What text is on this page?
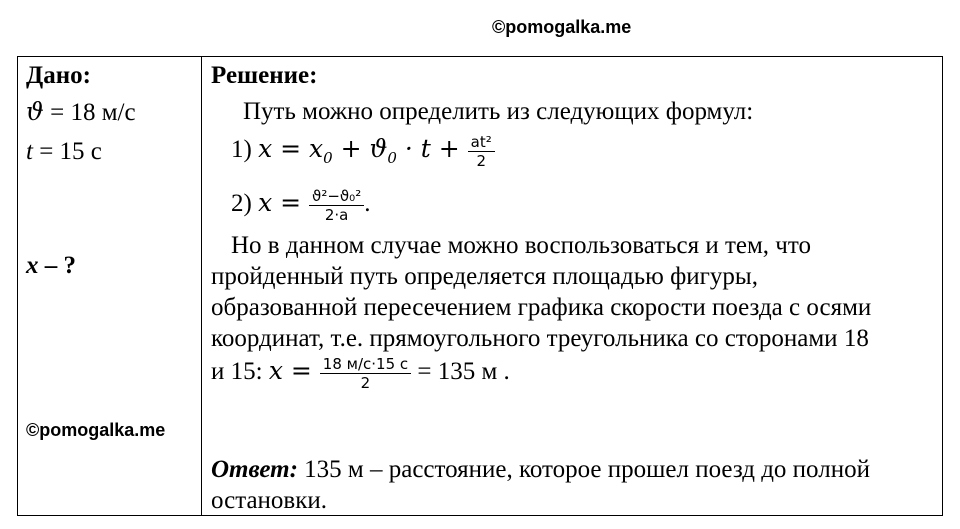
©pomogalka.me
Дано:
ϑ = 18 м/с
t = 15 с
x – ?
Решение:
Путь можно определить из следующих формул:
1) $x = x_0 + ϑ_0 \cdot t + \frac{\text{at²}}{2}$
2) $x = \frac{\text{ϑ²−ϑ₀²}}{2\cdot a}$ .
Но в данном случае можно воспользоваться и тем, что
пройденный путь определяется площадью фигуры,
образованной пересечением графика скорости поезда с осями
координат, т.е. прямоугольного треугольника со сторонами 18
и 15: $x = \frac{18 м/с\cdot 15 с}{2} = 135$ м .
Ответ: 135 м – расстояние, которое прошел поезд до полной
остановки.
©pomogalka.me
